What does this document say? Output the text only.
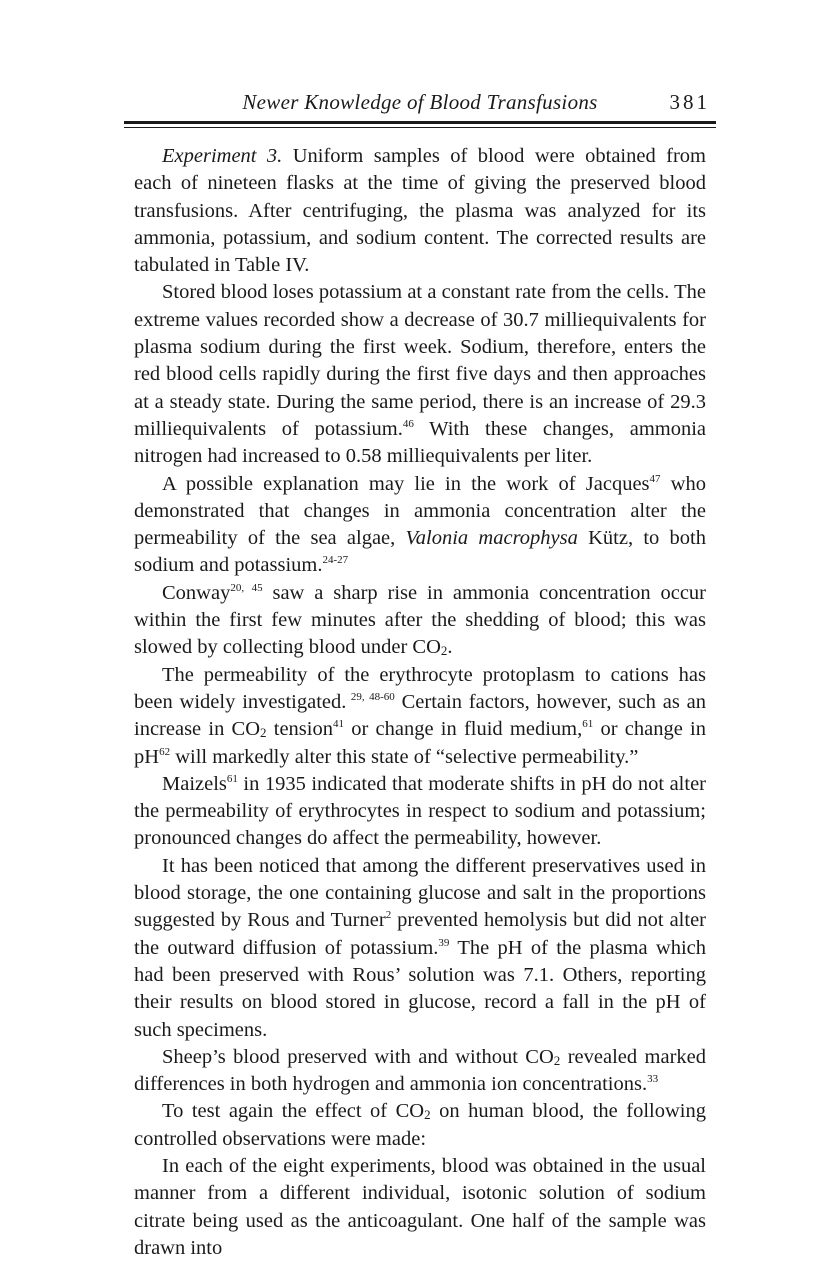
Newer Knowledge of Blood Transfusions	381

Experiment 3. Uniform samples of blood were obtained from each of nineteen flasks at the time of giving the preserved blood transfusions. After centrifuging, the plasma was analyzed for its ammonia, potassium, and sodium content. The corrected results are tabulated in Table IV.

Stored blood loses potassium at a constant rate from the cells. The extreme values recorded show a decrease of 30.7 milliequivalents for plasma sodium during the first week. Sodium, therefore, enters the red blood cells rapidly during the first five days and then approaches at a steady state. During the same period, there is an increase of 29.3 milliequivalents of potassium.$^{46}$ With these changes, ammonia nitrogen had increased to 0.58 milliequivalents per liter.

A possible explanation may lie in the work of Jacques$^{47}$ who demonstrated that changes in ammonia concentration alter the permeability of the sea algae, Valonia macrophysa Kütz, to both sodium and potassium.$^{24-27}$

Conway$^{20, 45}$ saw a sharp rise in ammonia concentration occur within the first few minutes after the shedding of blood; this was slowed by collecting blood under $CO_2$.

The permeability of the erythrocyte protoplasm to cations has been widely investigated. $^{29, 48-60}$ Certain factors, however, such as an increase in $CO_2$ tension$^{41}$ or change in fluid medium,$^{61}$ or change in $pH^{62}$ will markedly alter this state of “selective permeability.”

Maizels$^{61}$ in 1935 indicated that moderate shifts in pH do not alter the permeability of erythrocytes in respect to sodium and potassium; pronounced changes do affect the permeability, however.

It has been noticed that among the different preservatives used in blood storage, the one containing glucose and salt in the proportions suggested by Rous and Turner$^2$ prevented hemolysis but did not alter the outward diffusion of potassium.$^{39}$ The pH of the plasma which had been preserved with Rous’ solution was 7.1. Others, reporting their results on blood stored in glucose, record a fall in the pH of such specimens.

Sheep’s blood preserved with and without $CO_2$ revealed marked differences in both hydrogen and ammonia ion concentrations.$^{33}$

To test again the effect of $CO_2$ on human blood, the following controlled observations were made:

In each of the eight experiments, blood was obtained in the usual manner from a different individual, isotonic solution of sodium citrate being used as the anticoagulant. One half of the sample was drawn into
